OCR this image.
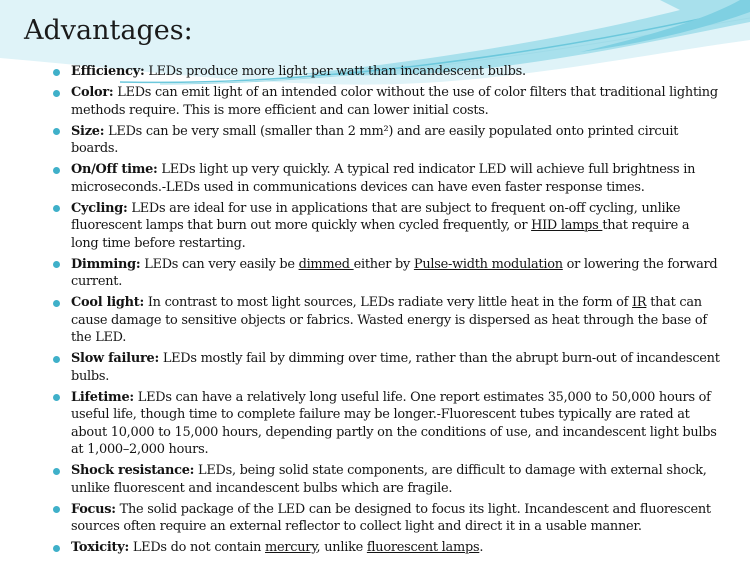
Advantages:
Efficiency: LEDs produce more light per watt than incandescent bulbs.
Color: LEDs can emit light of an intended color without the use of color filters that traditional lighting methods require. This is more efficient and can lower initial costs.
Size: LEDs can be very small (smaller than 2 mm²) and are easily populated onto printed circuit boards.
On/Off time: LEDs light up very quickly. A typical red indicator LED will achieve full brightness in microseconds.-LEDs used in communications devices can have even faster response times.
Cycling: LEDs are ideal for use in applications that are subject to frequent on-off cycling, unlike fluorescent lamps that burn out more quickly when cycled frequently, or HID lamps that require a long time before restarting.
Dimming: LEDs can very easily be dimmed either by Pulse-width modulation or lowering the forward current.
Cool light: In contrast to most light sources, LEDs radiate very little heat in the form of IR that can cause damage to sensitive objects or fabrics. Wasted energy is dispersed as heat through the base of the LED.
Slow failure: LEDs mostly fail by dimming over time, rather than the abrupt burn-out of incandescent bulbs.
Lifetime: LEDs can have a relatively long useful life. One report estimates 35,000 to 50,000 hours of useful life, though time to complete failure may be longer.-Fluorescent tubes typically are rated at about 10,000 to 15,000 hours, depending partly on the conditions of use, and incandescent light bulbs at 1,000–2,000 hours.
Shock resistance: LEDs, being solid state components, are difficult to damage with external shock, unlike fluorescent and incandescent bulbs which are fragile.
Focus: The solid package of the LED can be designed to focus its light. Incandescent and fluorescent sources often require an external reflector to collect light and direct it in a usable manner.
Toxicity: LEDs do not contain mercury, unlike fluorescent lamps.
